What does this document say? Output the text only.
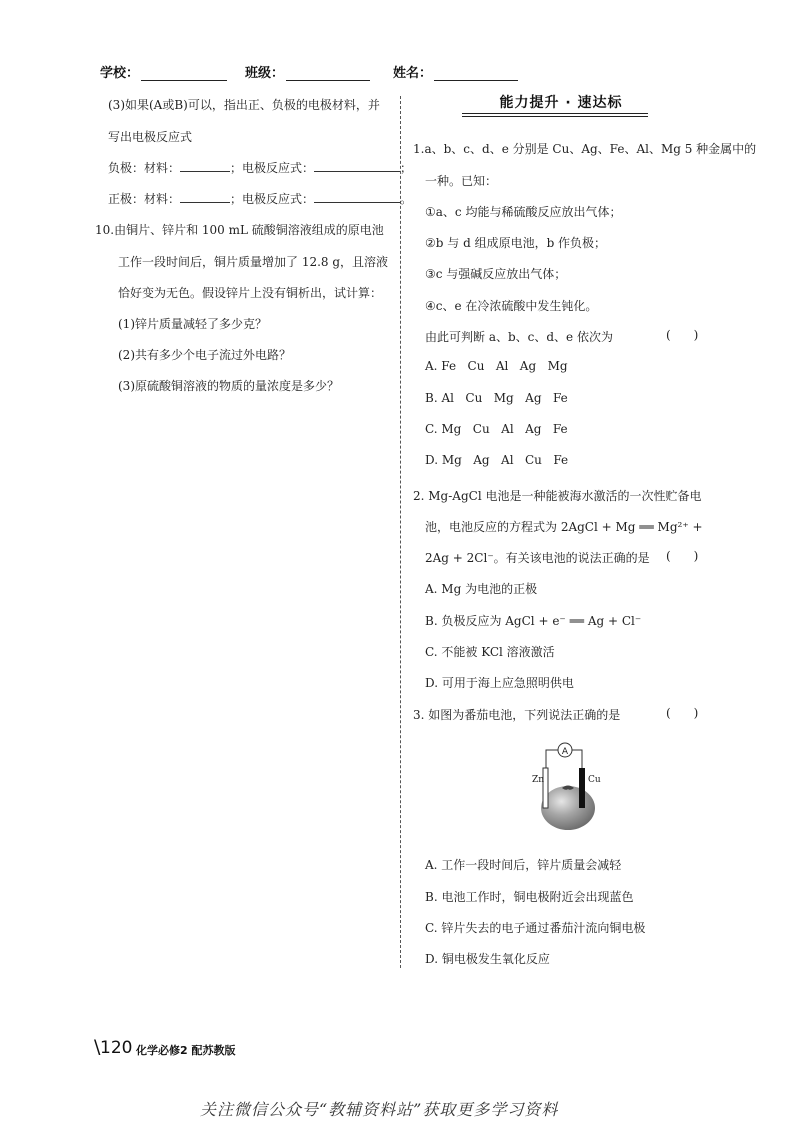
学校：	班级：	姓名：
(3)如果(A或B)可以，指出正、负极的电极材料，并
写出电极反应式
负极：材料：	；电极反应式：	；
正极：材料：	；电极反应式：	。
10.由铜片、锌片和 100 mL 硫酸铜溶液组成的原电池
工作一段时间后，铜片质量增加了 12.8 g，且溶液
恰好变为无色。假设锌片上没有铜析出，试计算：
(1)锌片质量减轻了多少克？
(2)共有多少个电子流过外电路？
(3)原硫酸铜溶液的物质的量浓度是多少？
能力提升 · 速达标
1.a、b、c、d、e 分别是 Cu、Ag、Fe、Al、Mg 5 种金属中的
一种。已知：
①a、c 均能与稀硫酸反应放出气体；
②b 与 d 组成原电池，b 作负极；
③c 与强碱反应放出气体；
④c、e 在冷浓硫酸中发生钝化。
由此可判断 a、b、c、d、e 依次为	(      )
A. Fe   Cu   Al   Ag   Mg
B. Al   Cu   Mg   Ag   Fe
C. Mg   Cu   Al   Ag   Fe
D. Mg   Ag   Al   Cu   Fe
2. Mg-AgCl 电池是一种能被海水激活的一次性贮备电
池，电池反应的方程式为 2AgCl + Mg ══ Mg²⁺ +
2Ag + 2Cl⁻。有关该电池的说法正确的是 (      )
A. Mg 为电池的正极
B. 负极反应为 AgCl + e⁻ ══ Ag + Cl⁻
C. 不能被 KCl 溶液激活
D. 可用于海上应急照明供电
3. 如图为番茄电池，下列说法正确的是	(      )
A
Zn	Cu
A. 工作一段时间后，锌片质量会减轻
B. 电池工作时，铜电极附近会出现蓝色
C. 锌片失去的电子通过番茄汁流向铜电极
D. 铜电极发生氧化反应
\ 120 化学必修2 配苏教版
关注微信公众号“教辅资料站”获取更多学习资料
